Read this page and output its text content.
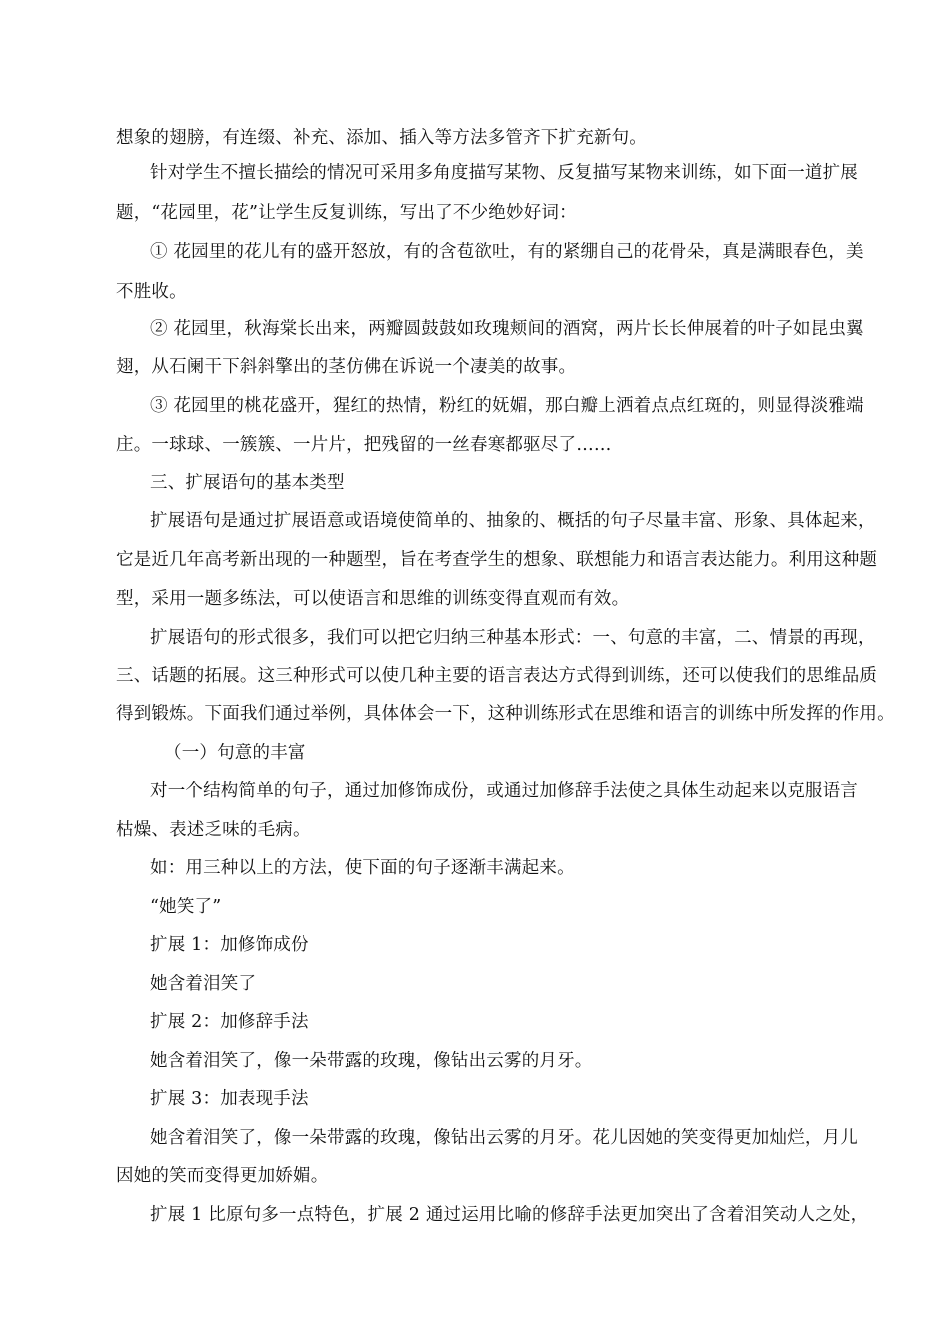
想象的翅膀，有连缀、补充、添加、插入等方法多管齐下扩充新句。
针对学生不擅长描绘的情况可采用多角度描写某物、反复描写某物来训练，如下面一道扩展
题，“花园里，花”让学生反复训练，写出了不少绝妙好词：
① 花园里的花儿有的盛开怒放，有的含苞欲吐，有的紧绷自己的花骨朵，真是满眼春色，美
不胜收。
② 花园里，秋海棠长出来，两瓣圆鼓鼓如玫瑰颊间的酒窝，两片长长伸展着的叶子如昆虫翼
翅，从石阑干下斜斜擎出的茎仿佛在诉说一个凄美的故事。
③ 花园里的桃花盛开，猩红的热情，粉红的妩媚，那白瓣上洒着点点红斑的，则显得淡雅端
庄。一球球、一簇簇、一片片，把残留的一丝春寒都驱尽了……
三、扩展语句的基本类型
扩展语句是通过扩展语意或语境使简单的、抽象的、概括的句子尽量丰富、形象、具体起来，
它是近几年高考新出现的一种题型，旨在考查学生的想象、联想能力和语言表达能力。利用这种题
型，采用一题多练法，可以使语言和思维的训练变得直观而有效。
扩展语句的形式很多，我们可以把它归纳三种基本形式：一、句意的丰富，二、情景的再现，
三、话题的拓展。这三种形式可以使几种主要的语言表达方式得到训练，还可以使我们的思维品质
得到锻炼。下面我们通过举例，具体体会一下，这种训练形式在思维和语言的训练中所发挥的作用。
（一）句意的丰富
对一个结构简单的句子，通过加修饰成份，或通过加修辞手法使之具体生动起来以克服语言
枯燥、表述乏味的毛病。
如：用三种以上的方法，使下面的句子逐渐丰满起来。
“她笑了”
扩展 1：加修饰成份
她含着泪笑了
扩展 2：加修辞手法
她含着泪笑了，像一朵带露的玫瑰，像钻出云雾的月牙。
扩展 3：加表现手法
她含着泪笑了，像一朵带露的玫瑰，像钻出云雾的月牙。花儿因她的笑变得更加灿烂，月儿
因她的笑而变得更加娇媚。
扩展 1 比原句多一点特色，扩展 2 通过运用比喻的修辞手法更加突出了含着泪笑动人之处，
